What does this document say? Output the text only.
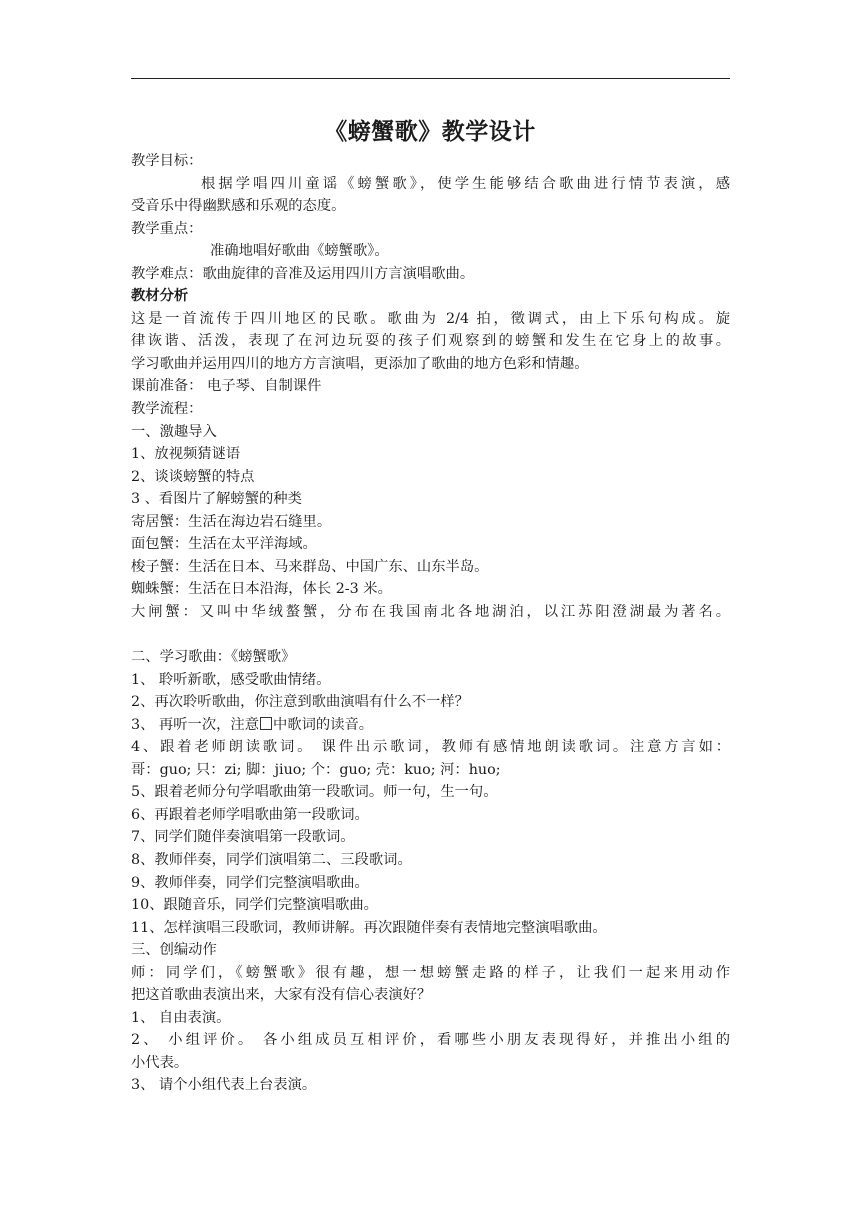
《螃蟹歌》教学设计
教学目标：
根据学唱四川童谣《螃蟹歌》，使学生能够结合歌曲进行情节表演，感
受音乐中得幽默感和乐观的态度。
教学重点：
准确地唱好歌曲《螃蟹歌》。
教学难点：歌曲旋律的音准及运用四川方言演唱歌曲。
教材分析
这是一首流传于四川地区的民歌。歌曲为 2/4 拍，徵调式，由上下乐句构成。旋
律诙谐、活泼，表现了在河边玩耍的孩子们观察到的螃蟹和发生在它身上的故事。
学习歌曲并运用四川的地方方言演唱，更添加了歌曲的地方色彩和情趣。
课前准备： 电子琴、自制课件
教学流程：
一、激趣导入
1、放视频猜谜语
2、谈谈螃蟹的特点
3 、看图片了解螃蟹的种类
寄居蟹：生活在海边岩石缝里。
面包蟹：生活在太平洋海域。
梭子蟹：生活在日本、马来群岛、中国广东、山东半岛。
蜘蛛蟹：生活在日本沿海，体长 2-3 米。
大闸蟹：又叫中华绒螯蟹，分布在我国南北各地湖泊，以江苏阳澄湖最为著名。
二、学习歌曲：《螃蟹歌》
1、 聆听新歌，感受歌曲情绪。
2、再次聆听歌曲，你注意到歌曲演唱有什么不一样？
3、 再听一次，注意 中歌词的读音。
4、跟着老师朗读歌词。 课件出示歌词，教师有感情地朗读歌词。注意方言如：
哥：guo; 只：zi; 脚：jiuo; 个：guo; 壳：kuo; 河：huo;
5、跟着老师分句学唱歌曲第一段歌词。师一句，生一句。
6、再跟着老师学唱歌曲第一段歌词。
7、同学们随伴奏演唱第一段歌词。
8、教师伴奏，同学们演唱第二、三段歌词。
9、教师伴奏，同学们完整演唱歌曲。
10、跟随音乐，同学们完整演唱歌曲。
11、怎样演唱三段歌词，教师讲解。再次跟随伴奏有表情地完整演唱歌曲。
三、创编动作
师：同学们，《螃蟹歌》很有趣，想一想螃蟹走路的样子，让我们一起来用动作
把这首歌曲表演出来，大家有没有信心表演好？
1、 自由表演。
2、 小组评价。 各小组成员互相评价，看哪些小朋友表现得好，并推出小组的
小代表。
3、 请个小组代表上台表演。
